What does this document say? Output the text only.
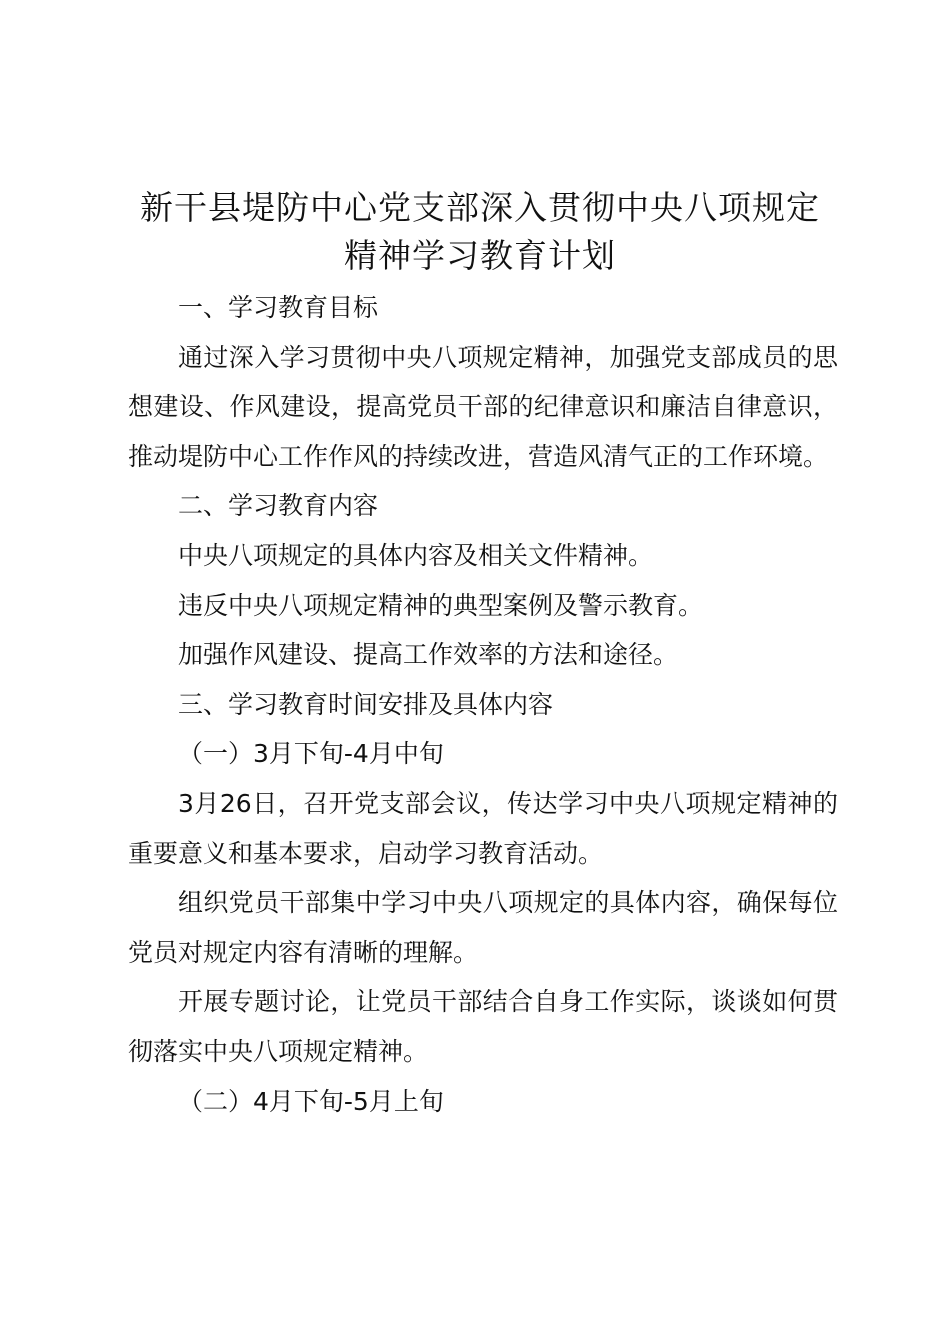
新干县堤防中心党支部深入贯彻中央八项规定
精神学习教育计划

一、学习教育目标

通过深入学习贯彻中央八项规定精神，加强党支部成员的思想建设、作风建设，提高党员干部的纪律意识和廉洁自律意识，推动堤防中心工作作风的持续改进，营造风清气正的工作环境。

二、学习教育内容

中央八项规定的具体内容及相关文件精神。

违反中央八项规定精神的典型案例及警示教育。

加强作风建设、提高工作效率的方法和途径。

三、学习教育时间安排及具体内容

（一）3月下旬-4月中旬

3月26日，召开党支部会议，传达学习中央八项规定精神的重要意义和基本要求，启动学习教育活动。

组织党员干部集中学习中央八项规定的具体内容，确保每位党员对规定内容有清晰的理解。

开展专题讨论，让党员干部结合自身工作实际，谈谈如何贯彻落实中央八项规定精神。

（二）4月下旬-5月上旬
